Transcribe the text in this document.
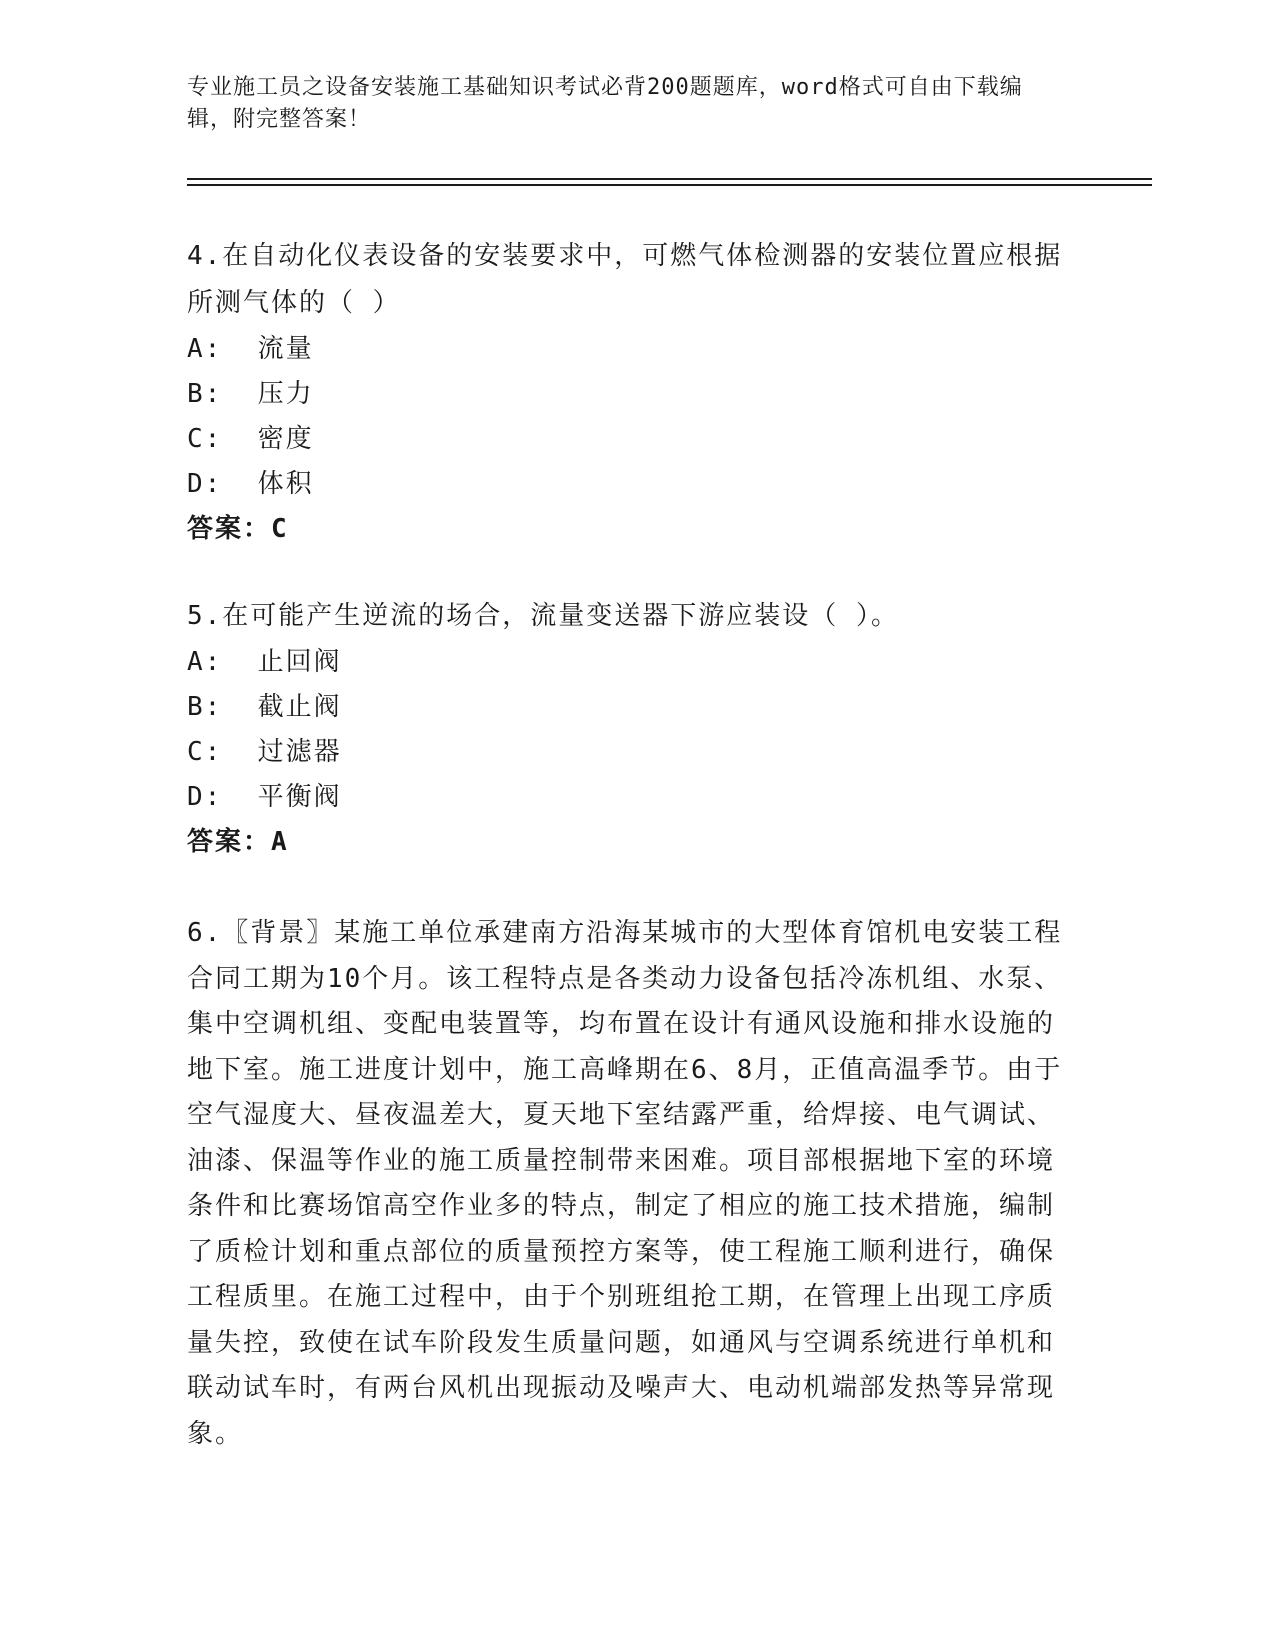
专业施工员之设备安装施工基础知识考试必背200题题库，word格式可自由下载编辑，附完整答案！
4.在自动化仪表设备的安装要求中，可燃气体检测器的安装位置应根据所测气体的（ ）
A:  流量
B:  压力
C:  密度
D:  体积
答案：C
5.在可能产生逆流的场合，流量变送器下游应装设（ ）。
A:  止回阀
B:  截止阀
C:  过滤器
D:  平衡阀
答案：A
6.〖背景〗某施工单位承建南方沿海某城市的大型体育馆机电安装工程合同工期为10个月。该工程特点是各类动力设备包括冷冻机组、水泵、集中空调机组、变配电装置等，均布置在设计有通风设施和排水设施的地下室。施工进度计划中，施工高峰期在6、8月，正值高温季节。由于空气湿度大、昼夜温差大，夏天地下室结露严重，给焊接、电气调试、油漆、保温等作业的施工质量控制带来困难。项目部根据地下室的环境条件和比赛场馆高空作业多的特点，制定了相应的施工技术措施，编制了质检计划和重点部位的质量预控方案等，使工程施工顺利进行，确保工程质里。在施工过程中，由于个别班组抢工期，在管理上出现工序质量失控，致使在试车阶段发生质量问题，如通风与空调系统进行单机和联动试车时，有两台风机出现振动及噪声大、电动机端部发热等异常现象。
